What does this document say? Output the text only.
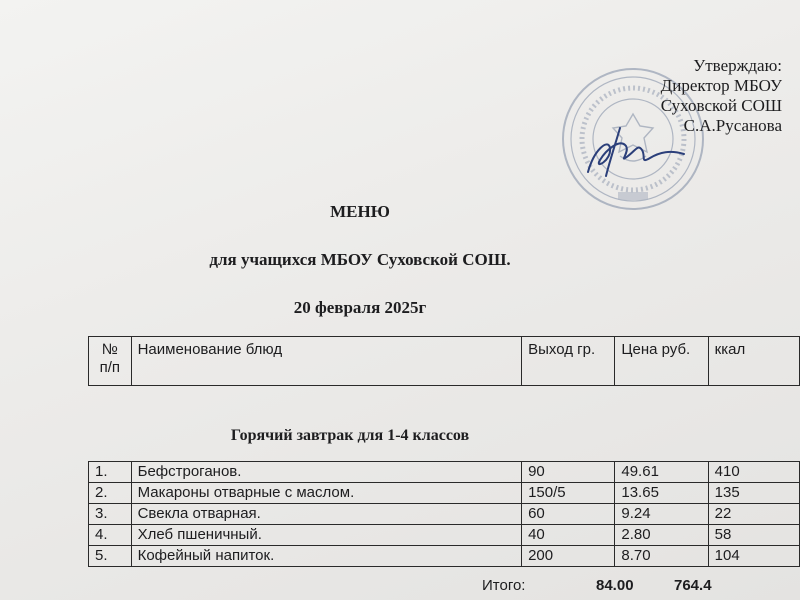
Утверждаю:
Директор МБОУ
Суховской СОШ
С.А.Русанова
МЕНЮ
для учащихся МБОУ Суховской СОШ.
20 февраля 2025г
№ п/п	Наименование блюд	Выход гр.	Цена руб.	ккал
Горячий завтрак для 1-4 классов
1.	Бефстроганов.	90	49.61	410
2.	Макароны отварные с маслом.	150/5	13.65	135
3.	Свекла отварная.	60	9.24	22
4.	Хлеб пшеничный.	40	2.80	58
5.	Кофейный напиток.	200	8.70	104
Итого:	84.00	764.4
